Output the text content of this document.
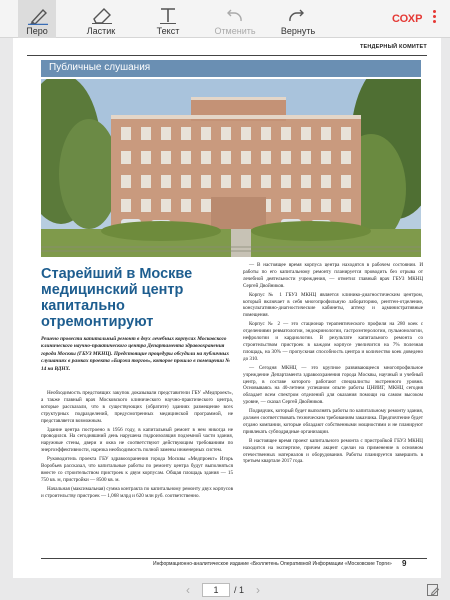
Перо	Ластик	Текст	Отменить	Вернуть
СОХР
ТЕНДЕРНЫЙ КОМИТЕТ
Публичные слушания
Старейший в Москве медицинский центр капитально отремонтируют
Решено провести капитальный ремонт в двух лечебных корпусах Московского клинического научно-практического центра Департамента здравоохранения города Москвы (ГБУЗ МКНЦ). Предстоящие процедуры обсудили на публичных слушаниях в рамках проекта «Биржа торгов», которое прошло в помещении № 14 на ВДНХ.

Необходимость предстоящих закупок доказывали представители ГБУ «Медпроект», а также главный врач Московского клинического научно-практического центра, которые рассказали, что в существующих (обратите) зданиях размещение всех структурных подразделений, предусмотренных медицинской программой, не представляется возможным.

Здание центра построено в 1956 году, в капитальный ремонт в нем никогда не проводился. На сегодняшний день нарушена гидроизоляция подземной части здания, наружные стены, двери и окна не соответствуют действующим требованиям по энергоэффективности, нарезка необходимость полной замены инженерных систем.

Руководитель проекта ГБУ здравоохранения города Москвы «Медпроект» Игорь Воробьев рассказал, что капитальные работы по ремонту центра будут выполняться вместе со строительством пристроек к двум корпусам. Общая площадь здания — 15 750 кв. м, пристройки — 8500 кв. м.

Начальная (максимальная) сумма контракта по капитальному ремонту двух корпусов и строительству пристроек — 1,068 млрд и 620 млн руб. соответственно.

— В настоящее время корпуса центра находятся в рабочем состоянии. И работы по его капитальному ремонту планируется проводить без отрыва от лечебной деятельности учреждения, — отметил главный врач ГБУЗ МКНЦ Сергей Двойников.

Корпус № 1 ГБУЗ МКНЦ является клинико-диагностическим центром, который включает в себя многопрофильную лабораторию, рентген-отделение, консультативно-диагностические кабинеты, аптеку и административные помещения.

Корпус № 2 — это стационар терапевтического профиля на 280 коек с отделениями ревматологии, эндокринологии, гастроэнтерологии, пульмонологии, нефрологии и кардиологии. В результате капитального ремонта со строительством пристроек в каждом корпусе увеличится на 7% полезная площадь, на 30% — пропускная способность центра и количество коек доведено до 310.

— Сегодня МКНЦ — это крупное развивающееся многопрофильное учреждение Департамента здравоохранения города Москвы, научный и учебный центр, в составе которого работают специалисты экстренного уровня. Основываясь на 40-летнем успешном опыте работы ЦНИИГ, МКНЦ сегодня обладает всем спектром отделений для оказания помощи на самом высоком уровне, — сказал Сергей Двойников.

Подрядчик, который будет выполнять работы по капитальному ремонту здания, должен соответствовать техническим требованиям заказчика. Предпочтение будет отдано компании, которые обладают собственными мощностями и не планируют привлекать субподрядные организации.

В настоящее время проект капитального ремонта с пристройкой ГБУЗ МКНЦ находится на экспертизе, причем акцент сделан на применение в основном отечественных материалов и оборудования. Работы планируется завершить в третьем квартале 2017 года.

Информационно-аналитическое издание «Бюллетень Оперативной Информации «Московские Торги» 9
‹	1	/ 1 ›
